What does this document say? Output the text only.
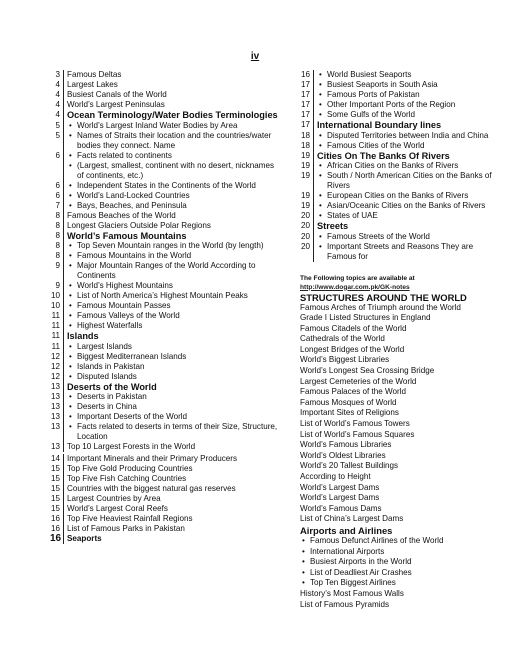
iv
3 Famous Deltas
4 Largest Lakes
4 Busiest Canals of the World
4 World’s Largest Peninsulas
4 Ocean Terminology/Water Bodies Terminologies
5	• World’s Largest Inland Water Bodies by Area
5	• Names of Straits their location and the countries/water bodies they connect. Name
6	• Facts related to continents
• (Largest, smallest, continent with no desert, nicknames of continents, etc.)
6	• Independent States in the Continents of the World
6	• World’s Land-Locked Countries
7	• Bays, Beaches, and Peninsula
8 Famous Beaches of the World
8 Longest Glaciers Outside Polar Regions
8 World’s Famous Mountains
8	• Top Seven Mountain ranges in the World (by length)
8	• Famous Mountains in the World
9	• Major Mountain Ranges of the World According to Continents
9	• World’s Highest Mountains
10	• List of North America’s Highest Mountain Peaks
10	• Famous Mountain Passes
11	• Famous Valleys of the World
11	• Highest Waterfalls
11 Islands
11	• Largest Islands
12	• Biggest Mediterranean Islands
12	• Islands in Pakistan
12	• Disputed Islands
13 Deserts of the World
13	• Deserts in Pakistan
13	• Deserts in China
13	• Important Deserts of the World
13	• Facts related to deserts in terms of their Size, Structure, Location
13 Top 10 Largest Forests in the World
14 Important Minerals and their Primary Producers
15 Top Five Gold Producing Countries
15 Top Five Fish Catching Countries
15 Countries with the biggest natural gas reserves
15 Largest Countries by Area
15 World’s Largest Coral Reefs
16 Top Five Heaviest Rainfall Regions
16 List of Famous Parks in Pakistan
16 Seaports
16	• World Busiest Seaports
17	• Busiest Seaports in South Asia
17	• Famous Ports of Pakistan
17	• Other Important Ports of the Region
17	• Some Gulfs of the World
17 International Boundary lines
18	• Disputed Territories between India and China
18	• Famous Cities of the World
19 Cities On The Banks Of Rivers
19	• African Cities on the Banks of Rivers
19	• South / North American Cities on the Banks of Rivers
19	• European Cities on the Banks of Rivers
19	• Asian/Oceanic Cities on the Banks of Rivers
20	• States of UAE
20 Streets
20	• Famous Streets of the World
20	• Important Streets and Reasons They are Famous for
The Following topics are available at
http://www.dogar.com.pk/GK-notes
STRUCTURES AROUND THE WORLD
Famous Arches of Triumph around the World
Grade I Listed Structures in England
Famous Citadels of the World
Cathedrals of the World
Longest Bridges of the World
World’s Biggest Libraries
World’s Longest Sea Crossing Bridge
Largest Cemeteries of the World
Famous Palaces of the World
Famous Mosques of World
Important Sites of Religions
List of World’s Famous Towers
List of World’s Famous Squares
World’s Famous Libraries
World’s Oldest Libraries
World’s 20 Tallest Buildings
According to Height
World’s Largest Dams
World’s Largest Dams
World’s Famous Dams
List of China’s Largest Dams
Airports and Airlines
• Famous Defunct Airlines of the World
• International Airports
• Busiest Airports in the World
• List of Deadliest Air Crashes
• Top Ten Biggest Airlines
History’s Most Famous Walls
List of Famous Pyramids
